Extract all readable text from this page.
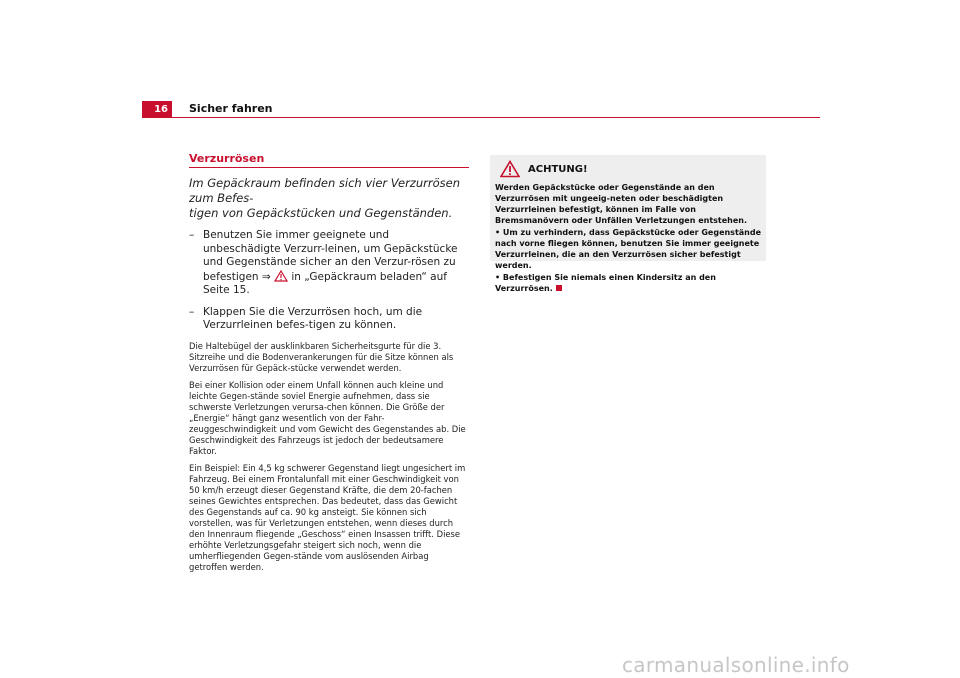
16	Sicher fahren
Verzurrösen
Im Gepäckraum befinden sich vier Verzurrösen zum Befes-
tigen von Gepäckstücken und Gegenständen.
– Benutzen Sie immer geeignete und unbeschädigte Verzurr-leinen, um Gepäckstücke und Gegenstände sicher an den Verzur-rösen zu befestigen ⇒  in „Gepäckraum beladen“ auf Seite 15.
– Klappen Sie die Verzurrösen hoch, um die Verzurrleinen befes-tigen zu können.

Die Haltebügel der ausklinkbaren Sicherheitsgurte für die 3. Sitzreihe und die Bodenverankerungen für die Sitze können als Verzurrösen für Gepäck-stücke verwendet werden.

Bei einer Kollision oder einem Unfall können auch kleine und leichte Gegen-stände soviel Energie aufnehmen, dass sie schwerste Verletzungen verursa-chen können. Die Größe der „Energie“ hängt ganz wesentlich von der Fahr-zeuggeschwindigkeit und vom Gewicht des Gegenstandes ab. Die Geschwindigkeit des Fahrzeugs ist jedoch der bedeutsamere Faktor.

Ein Beispiel: Ein 4,5 kg schwerer Gegenstand liegt ungesichert im Fahrzeug. Bei einem Frontalunfall mit einer Geschwindigkeit von 50 km/h erzeugt dieser Gegenstand Kräfte, die dem 20-fachen seines Gewichtes entsprechen. Das bedeutet, dass das Gewicht des Gegenstands auf ca. 90 kg ansteigt. Sie können sich vorstellen, was für Verletzungen entstehen, wenn dieses durch den Innenraum fliegende „Geschoss“ einen Insassen trifft. Diese erhöhte Verletzungsgefahr steigert sich noch, wenn die umherfliegenden Gegen-stände vom auslösenden Airbag getroffen werden.

ACHTUNG!

Werden Gepäckstücke oder Gegenstände an den Verzurrösen mit ungeeig-neten oder beschädigten Verzurrleinen befestigt, können im Falle von Bremsmanövern oder Unfällen Verletzungen entstehen.

• Um zu verhindern, dass Gepäckstücke oder Gegenstände nach vorne fliegen können, benutzen Sie immer geeignete Verzurrleinen, die an den Verzurrösen sicher befestigt werden.

• Befestigen Sie niemals einen Kindersitz an den Verzurrösen.

carmanualsonline.info
